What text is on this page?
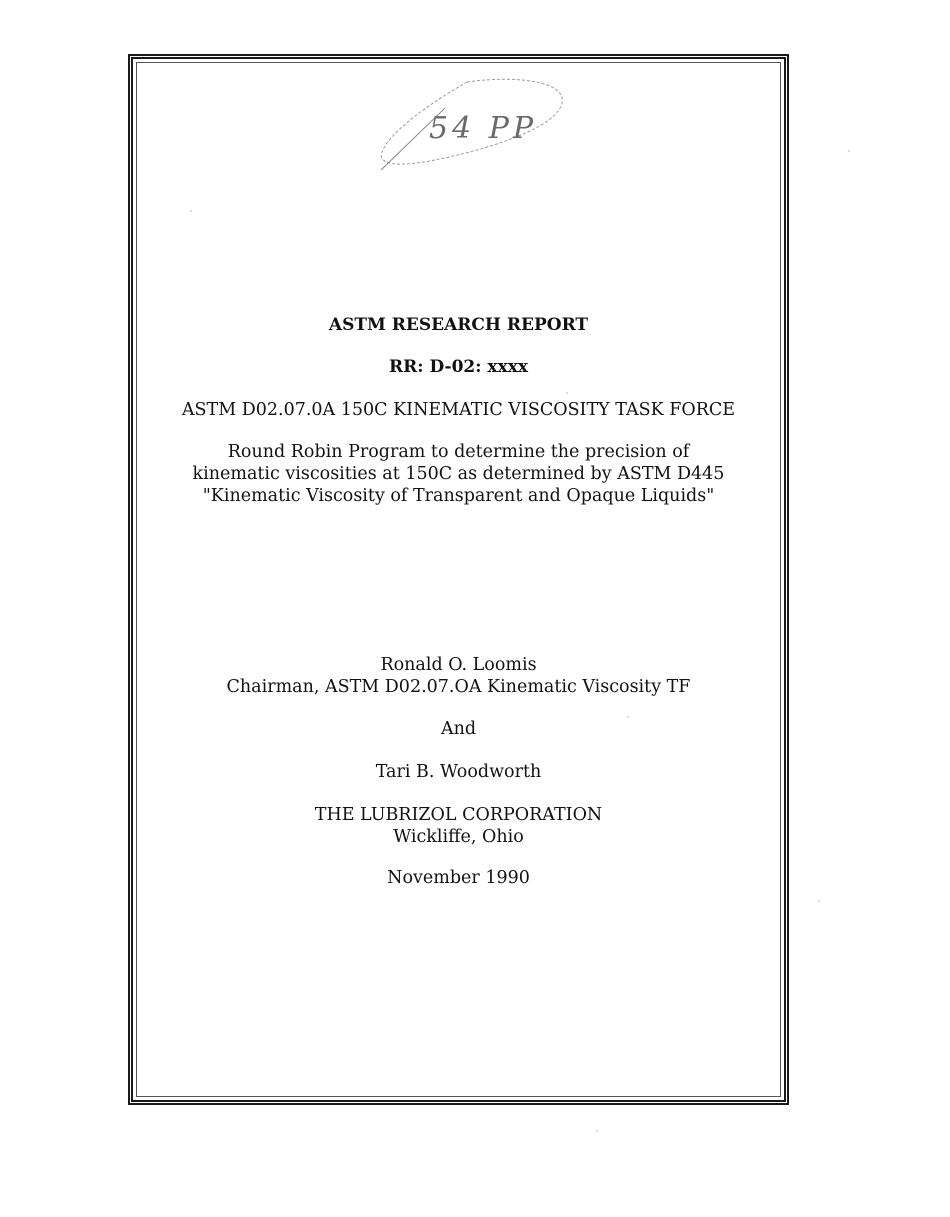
54 PP
ASTM RESEARCH REPORT
RR: D-02: xxxx
ASTM D02.07.0A 150C KINEMATIC VISCOSITY TASK FORCE
Round Robin Program to determine the precision of
kinematic viscosities at 150C as determined by ASTM D445
"Kinematic Viscosity of Transparent and Opaque Liquids"
Ronald O. Loomis
Chairman, ASTM D02.07.OA Kinematic Viscosity TF
And
Tari B. Woodworth
THE LUBRIZOL CORPORATION
Wickliffe, Ohio
November 1990
